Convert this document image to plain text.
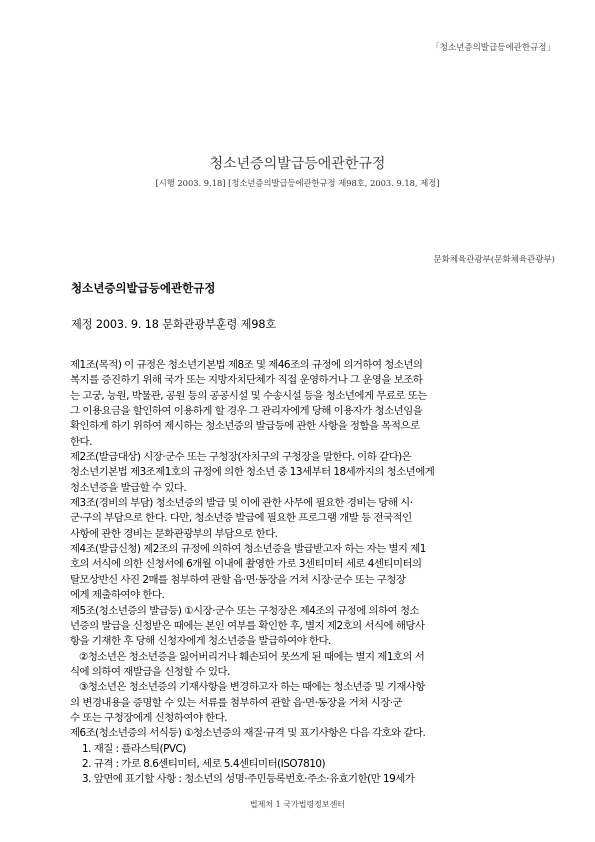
「청소년증의발급등에관한규정」
청소년증의발급등에관한규정
[시행 2003. 9.18] [청소년증의발급등에관한규정 제98호, 2003. 9.18, 제정]
문화체육관광부(문화체육관광부)
청소년증의발급등에관한규정
제정 2003. 9. 18 문화관광부훈령 제98호
제1조(목적) 이 규정은 청소년기본법 제8조 및 제46조의 규정에 의거하여 청소년의
복지를 증진하기 위해 국가 또는 지방자치단체가 직접 운영하거나 그 운영을 보조하
는 고궁, 능원, 박물관, 공원 등의 공공시설 및 수송시설 등을 청소년에게 무료로 또는
그 이용요금을 할인하여 이용하게 할 경우 그 관리자에게 당해 이용자가 청소년임을
확인하게 하기 위하여 제시하는 청소년증의 발급등에 관한 사항을 정함을 목적으로
한다.
제2조(발급대상) 시장·군수 또는 구청장(자치구의 구청장을 말한다. 이하 같다)은
청소년기본법 제3조제1호의 규정에 의한 청소년 중 13세부터 18세까지의 청소년에게
청소년증을 발급할 수 있다.
제3조(경비의 부담) 청소년증의 발급 및 이에 관한 사무에 필요한 경비는 당해 시·
군·구의 부담으로 한다. 다만, 청소년증 발급에 필요한 프로그램 개발 등 전국적인
사항에 관한 경비는 문화관광부의 부담으로 한다.
제4조(발급신청) 제2조의 규정에 의하여 청소년증을 발급받고자 하는 자는 별지 제1
호의 서식에 의한 신청서에 6개월 이내에 촬영한 가로 3센티미터 세로 4센티미터의
탈모상반신 사진 2매를 첨부하여 관할 읍·면·동장을 거쳐 시장·군수 또는 구청장
에게 제출하여야 한다.
제5조(청소년증의 발급등) ①시장·군수 또는 구청장은 제4조의 규정에 의하여 청소
년증의 발급을 신청받은 때에는 본인 여부를 확인한 후, 별지 제2호의 서식에 해당사
항을 기재한 후 당해 신청자에게 청소년증을 발급하여야 한다.
②청소년은 청소년증을 잃어버리거나 훼손되어 못쓰게 된 때에는 별지 제1호의 서
식에 의하여 재발급을 신청할 수 있다.
③청소년은 청소년증의 기재사항을 변경하고자 하는 때에는 청소년증 및 기재사항
의 변경내용을 증명할 수 있는 서류를 첨부하여 관할 읍·면·동장을 거쳐 시장·군
수 또는 구청장에게 신청하여야 한다.
제6조(청소년증의 서식등) ①청소년증의 재질·규격 및 표기사항은 다음 각호와 같다.
1. 재질 : 플라스틱(PVC)
2. 규격 : 가로 8.6센티미터, 세로 5.4센티미터(ISO7810)
3. 앞면에 표기할 사항 : 청소년의 성명·주민등록번호·주소·유효기한(만 19세가
법제처 1 국가법령정보센터
